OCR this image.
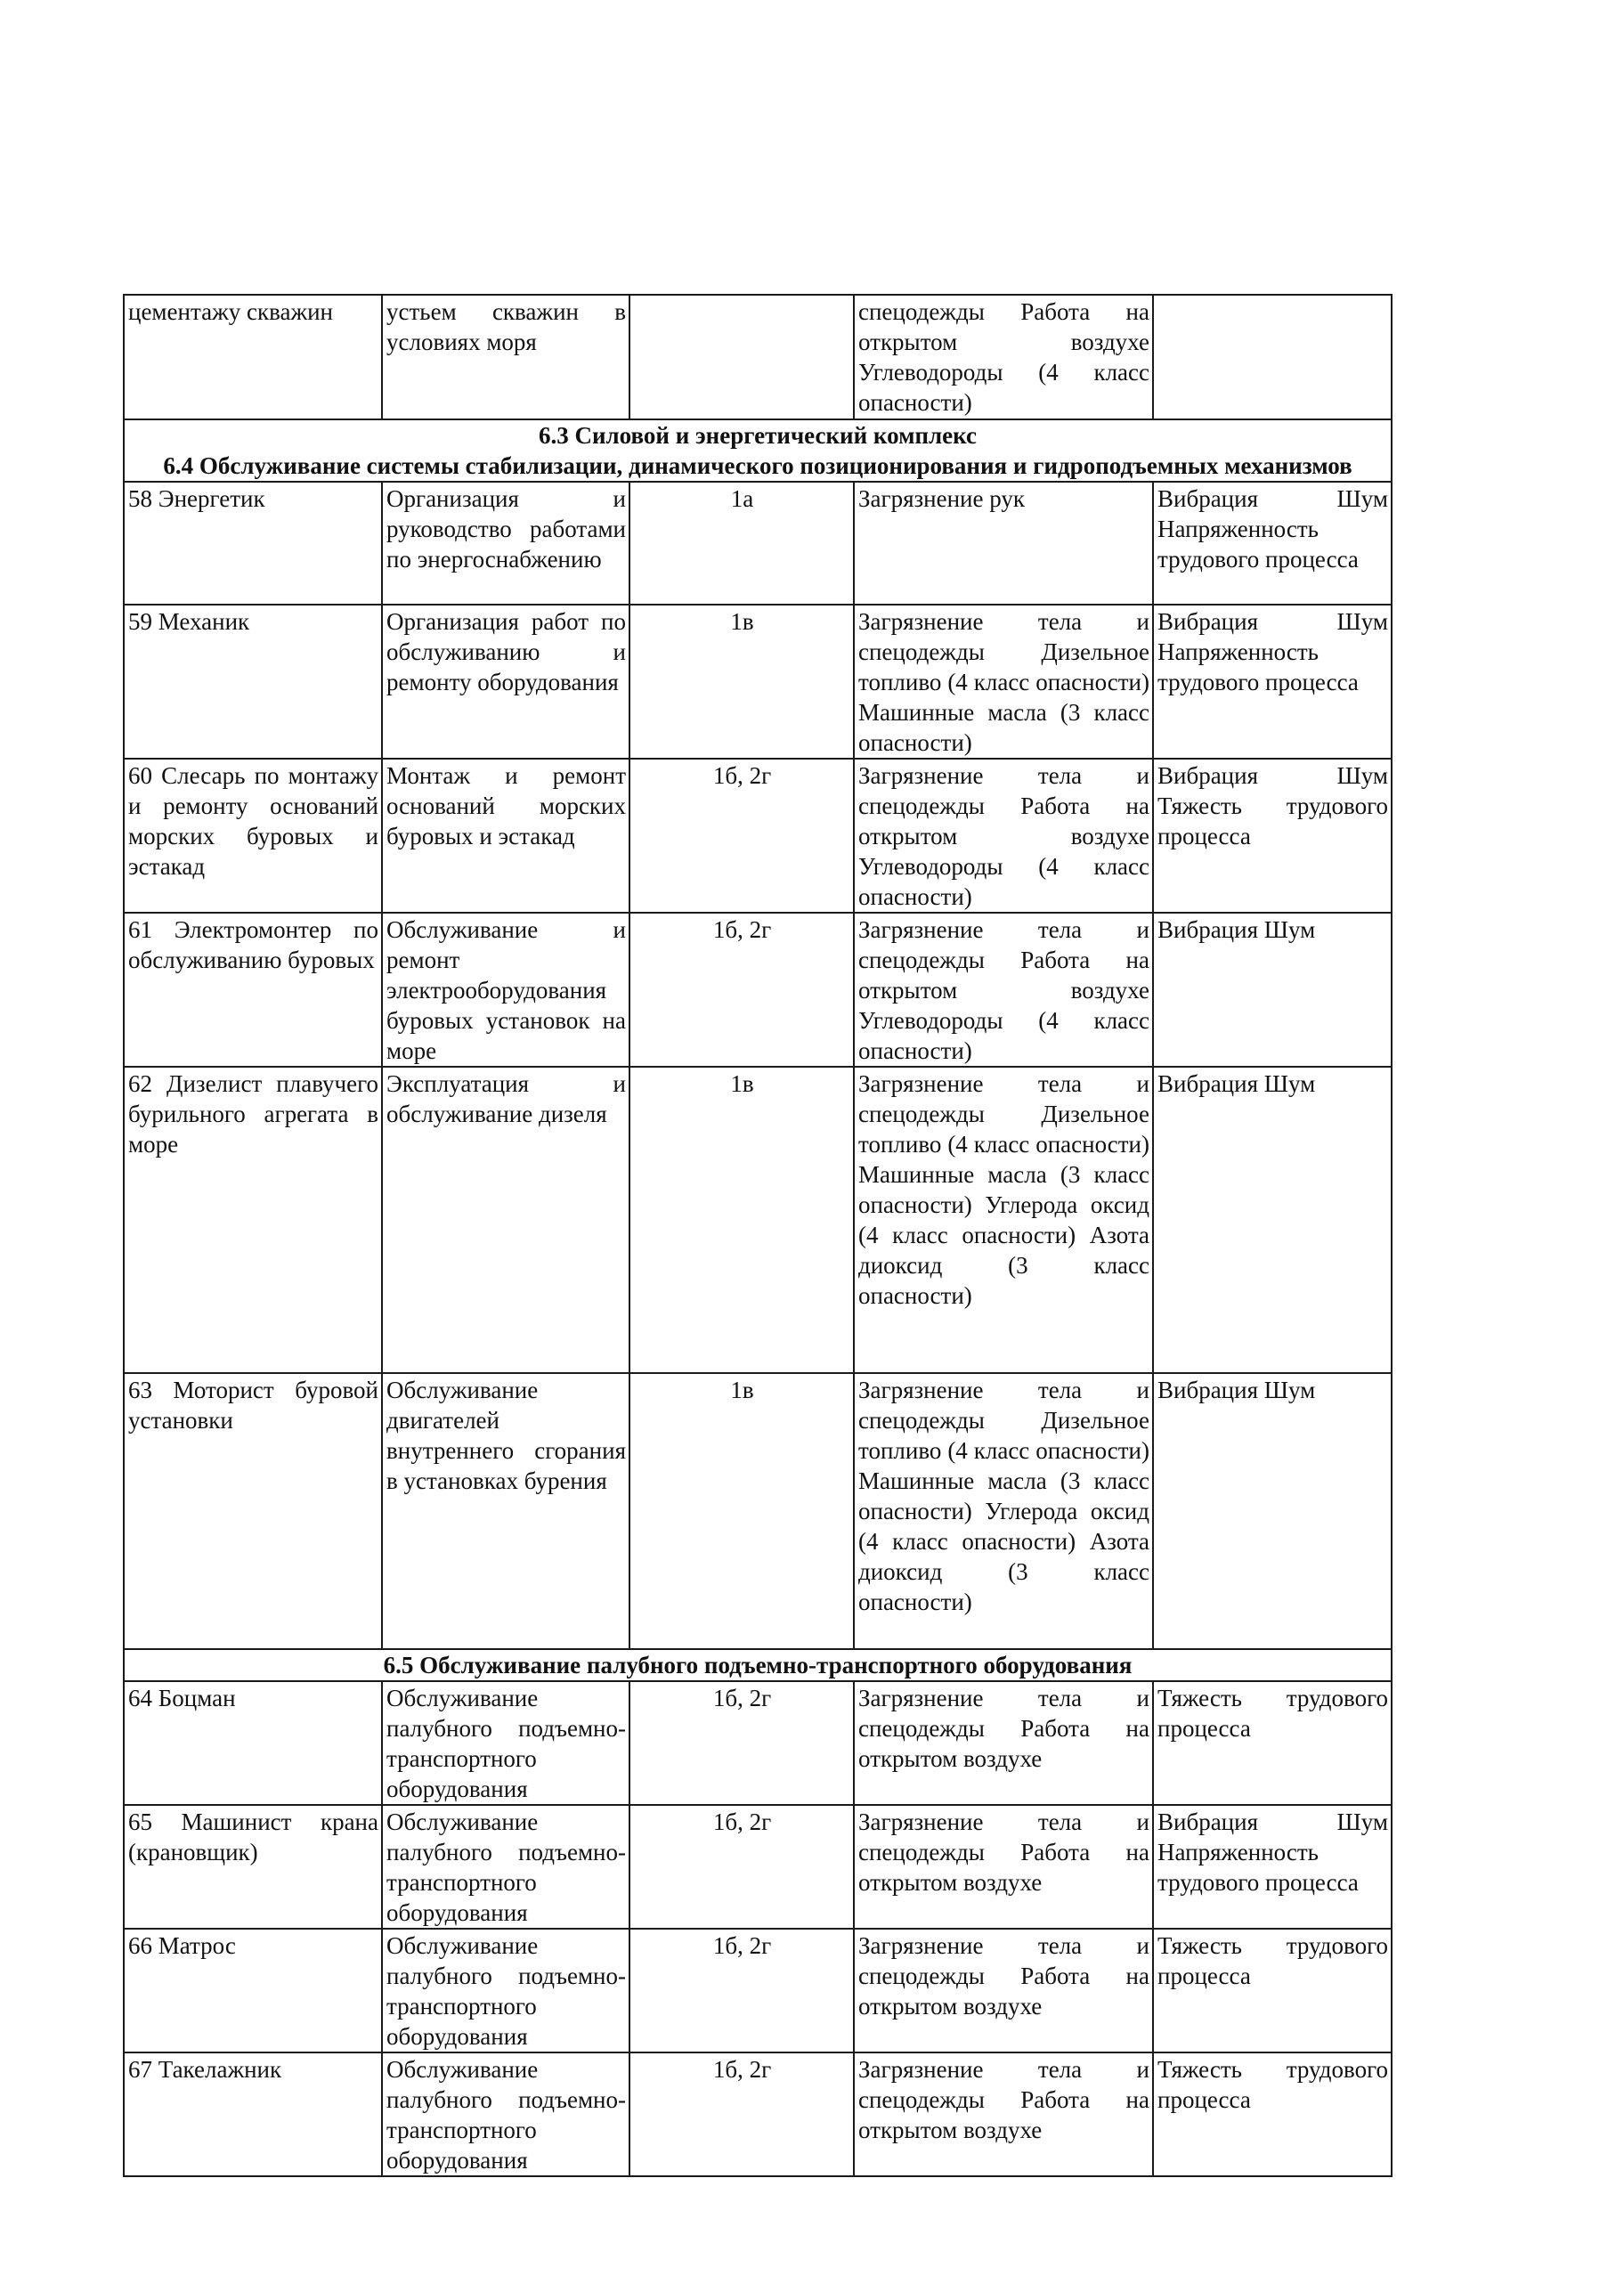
цементажу скважин	устьем скважин в условиях моря		спецодежды Работа на открытом воздухе Углеводороды (4 класс опасности)	

6.3 Силовой и энергетический комплекс
6.4 Обслуживание системы стабилизации, динамического позиционирования и гидроподъемных механизмов				

58 Энергетик	Организация и руководство работами по энергоснабжению	1а	Загрязнение рук	Вибрация Шум Напряженность трудового процесса
59 Механик	Организация работ по обслуживанию и ремонту оборудования	1в	Загрязнение тела и спецодежды Дизельное топливо (4 класс опасности) Машинные масла (3 класс опасности)	Вибрация Шум Напряженность трудового процесса
60 Слесарь по монтажу и ремонту оснований морских буровых и эстакад	Монтаж и ремонт оснований морских буровых и эстакад	1б, 2г	Загрязнение тела и спецодежды Работа на открытом воздухе Углеводороды (4 класс опасности)	Вибрация Шум Тяжесть трудового процесса
61 Электромонтер по обслуживанию буровых	Обслуживание и ремонт электрооборудования буровых установок на море	1б, 2г	Загрязнение тела и спецодежды Работа на открытом воздухе Углеводороды (4 класс опасности)	Вибрация Шум
62 Дизелист плавучего бурильного агрегата в море	Эксплуатация и обслуживание дизеля	1в	Загрязнение тела и спецодежды Дизельное топливо (4 класс опасности) Машинные масла (3 класс опасности) Углерода оксид (4 класс опасности) Азота диоксид (3 класс опасности)	Вибрация Шум
63 Моторист буровой установки	Обслуживание двигателей внутреннего сгорания в установках бурения	1в	Загрязнение тела и спецодежды Дизельное топливо (4 класс опасности) Машинные масла (3 класс опасности) Углерода оксид (4 класс опасности) Азота диоксид (3 класс опасности)	Вибрация Шум
6.5 Обслуживание палубного подъемно-транспортного оборудования				
64 Боцман	Обслуживание палубного подъемно-транспортного оборудования	1б, 2г	Загрязнение тела и спецодежды Работа на открытом воздухе	Тяжесть трудового процесса
65 Машинист крана (крановщик)	Обслуживание палубного подъемно-транспортного оборудования	1б, 2г	Загрязнение тела и спецодежды Работа на открытом воздухе	Вибрация Шум Напряженность трудового процесса
66 Матрос	Обслуживание палубного подъемно-транспортного оборудования	1б, 2г	Загрязнение тела и спецодежды Работа на открытом воздухе	Тяжесть трудового процесса
67 Такелажник	Обслуживание палубного подъемно-транспортного оборудования	1б, 2г	Загрязнение тела и спецодежды Работа на открытом воздухе	Тяжесть трудового процесса
